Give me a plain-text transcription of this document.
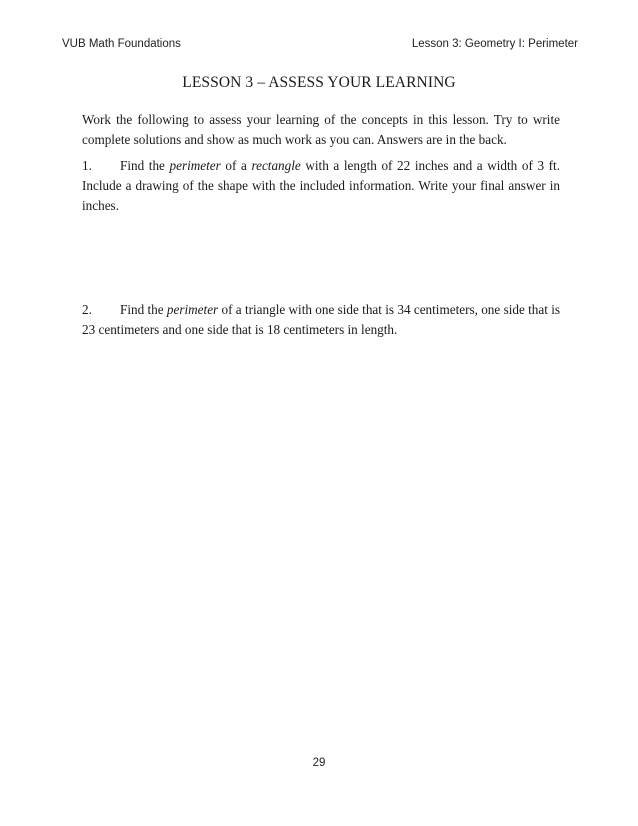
VUB Math Foundations	Lesson 3: Geometry I: Perimeter
LESSON 3 – ASSESS YOUR LEARNING
Work the following to assess your learning of the concepts in this lesson. Try to write complete solutions and show as much work as you can. Answers are in the back.
1. Find the perimeter of a rectangle with a length of 22 inches and a width of 3 ft. Include a drawing of the shape with the included information. Write your final answer in inches.
2. Find the perimeter of a triangle with one side that is 34 centimeters, one side that is 23 centimeters and one side that is 18 centimeters in length.
29
